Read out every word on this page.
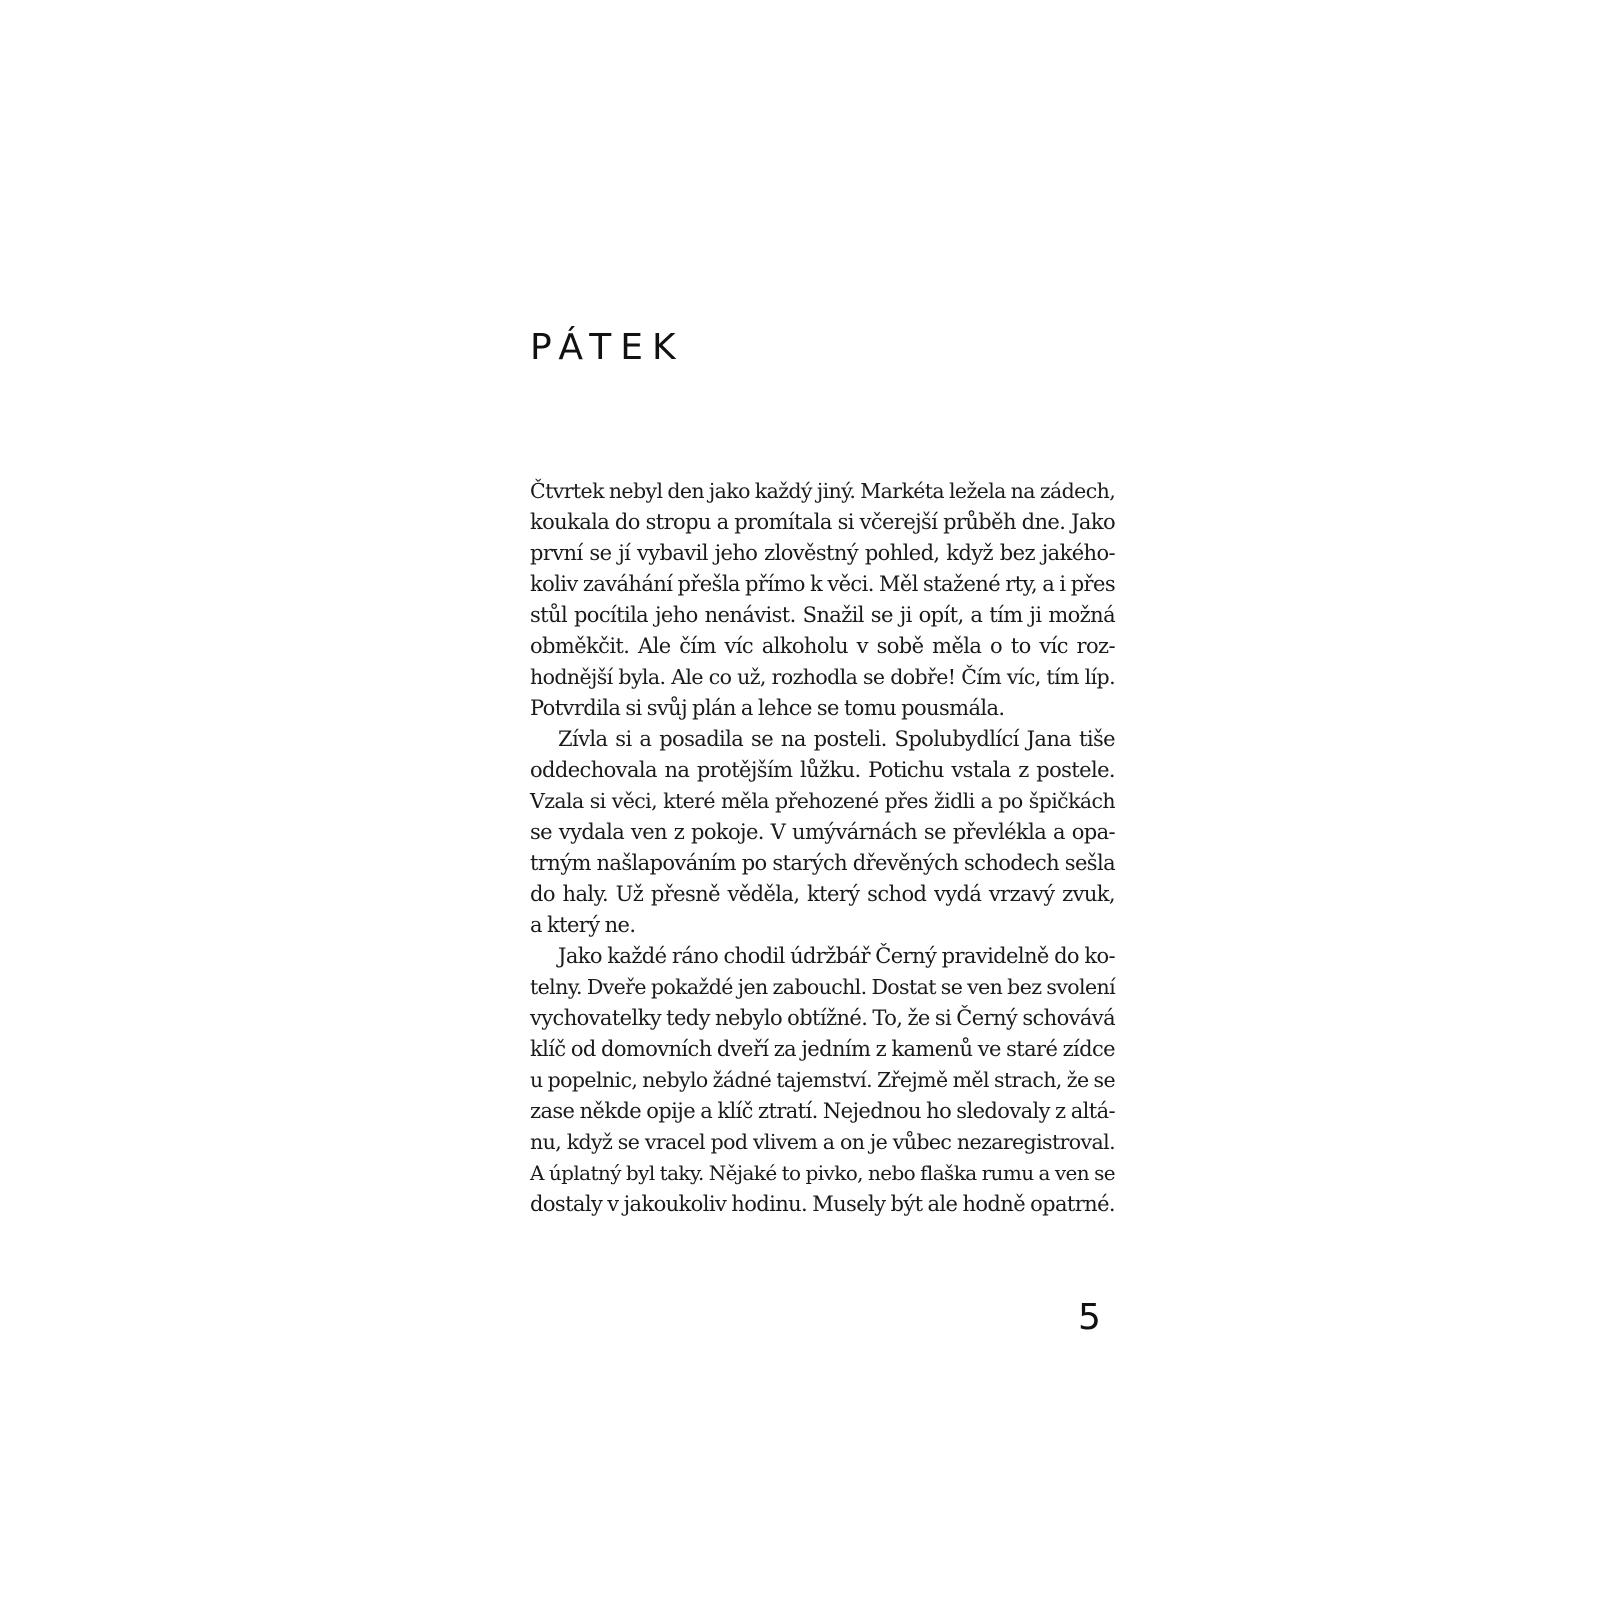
PÁTEK
Čtvrtek nebyl den jako každý jiný. Markéta ležela na zádech,
koukala do stropu a promítala si včerejší průběh dne. Jako
první se jí vybavil jeho zlověstný pohled, když bez jakého-
koliv zaváhání přešla přímo k věci. Měl stažené rty, a i přes
stůl pocítila jeho nenávist. Snažil se ji opít, a tím ji možná
obměkčit. Ale čím víc alkoholu v sobě měla o to víc roz-
hodnější byla. Ale co už, rozhodla se dobře! Čím víc, tím líp.
Potvrdila si svůj plán a lehce se tomu pousmála.
Zívla si a posadila se na posteli. Spolubydlící Jana tiše
oddechovala na protějším lůžku. Potichu vstala z postele.
Vzala si věci, které měla přehozené přes židli a po špičkách
se vydala ven z pokoje. V umývárnách se převlékla a opa-
trným našlapováním po starých dřevěných schodech sešla
do haly. Už přesně věděla, který schod vydá vrzavý zvuk,
a který ne.
Jako každé ráno chodil údržbář Černý pravidelně do ko-
telny. Dveře pokaždé jen zabouchl. Dostat se ven bez svolení
vychovatelky tedy nebylo obtížné. To, že si Černý schovává
klíč od domovních dveří za jedním z kamenů ve staré zídce
u popelnic, nebylo žádné tajemství. Zřejmě měl strach, že se
zase někde opije a klíč ztratí. Nejednou ho sledovaly z altá-
nu, když se vracel pod vlivem a on je vůbec nezaregistroval.
A úplatný byl taky. Nějaké to pivko, nebo flaška rumu a ven se
dostaly v jakoukoliv hodinu. Musely být ale hodně opatrné.
5
